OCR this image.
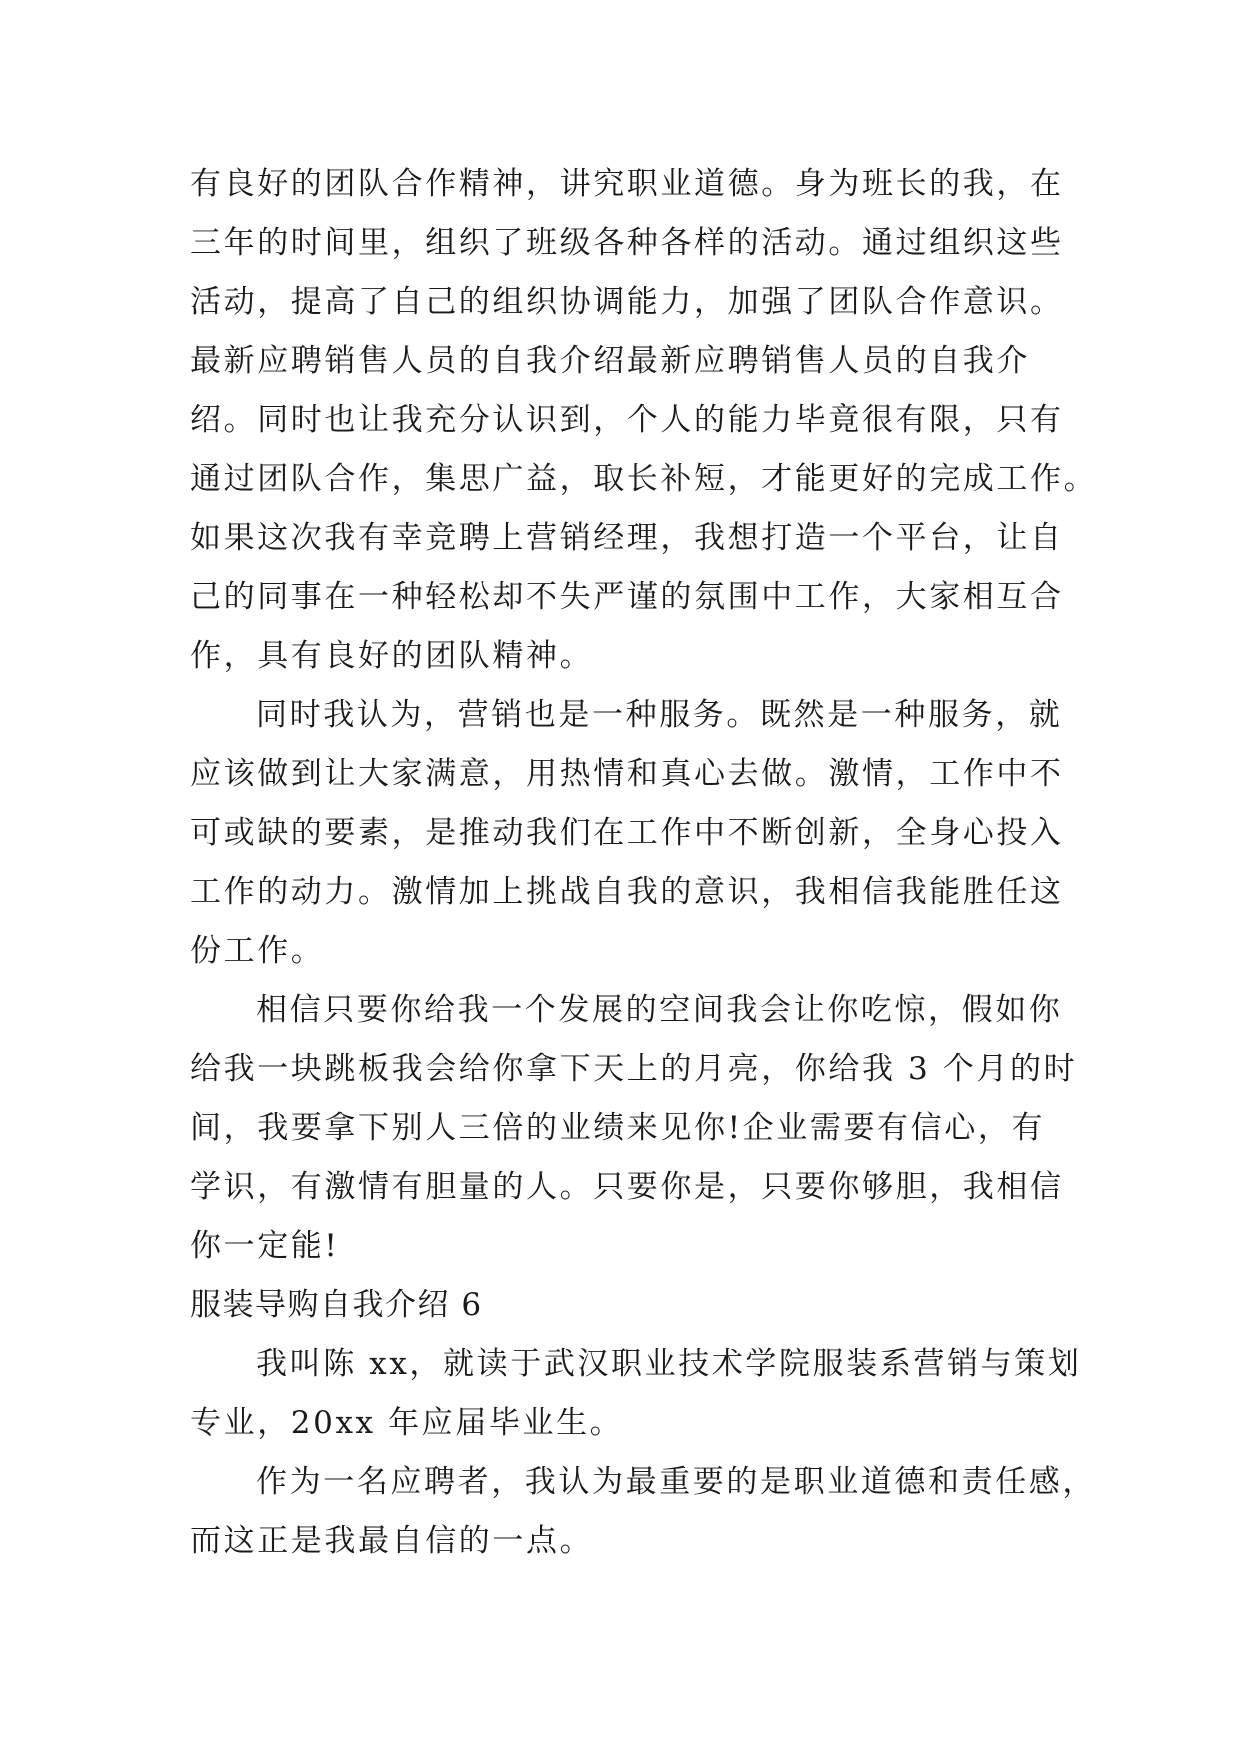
有良好的团队合作精神，讲究职业道德。身为班长的我，在
三年的时间里，组织了班级各种各样的活动。通过组织这些
活动，提高了自己的组织协调能力，加强了团队合作意识。
最新应聘销售人员的自我介绍最新应聘销售人员的自我介
绍。同时也让我充分认识到，个人的能力毕竟很有限，只有
通过团队合作，集思广益，取长补短，才能更好的完成工作。
如果这次我有幸竞聘上营销经理，我想打造一个平台，让自
己的同事在一种轻松却不失严谨的氛围中工作，大家相互合
作，具有良好的团队精神。
同时我认为，营销也是一种服务。既然是一种服务，就
应该做到让大家满意，用热情和真心去做。激情，工作中不
可或缺的要素，是推动我们在工作中不断创新，全身心投入
工作的动力。激情加上挑战自我的意识，我相信我能胜任这
份工作。
相信只要你给我一个发展的空间我会让你吃惊，假如你
给我一块跳板我会给你拿下天上的月亮，你给我 3 个月的时
间，我要拿下别人三倍的业绩来见你!企业需要有信心，有
学识，有激情有胆量的人。只要你是，只要你够胆，我相信
你一定能!
服装导购自我介绍 6
我叫陈 xx，就读于武汉职业技术学院服装系营销与策划
专业，20xx 年应届毕业生。
作为一名应聘者，我认为最重要的是职业道德和责任感，
而这正是我最自信的一点。
